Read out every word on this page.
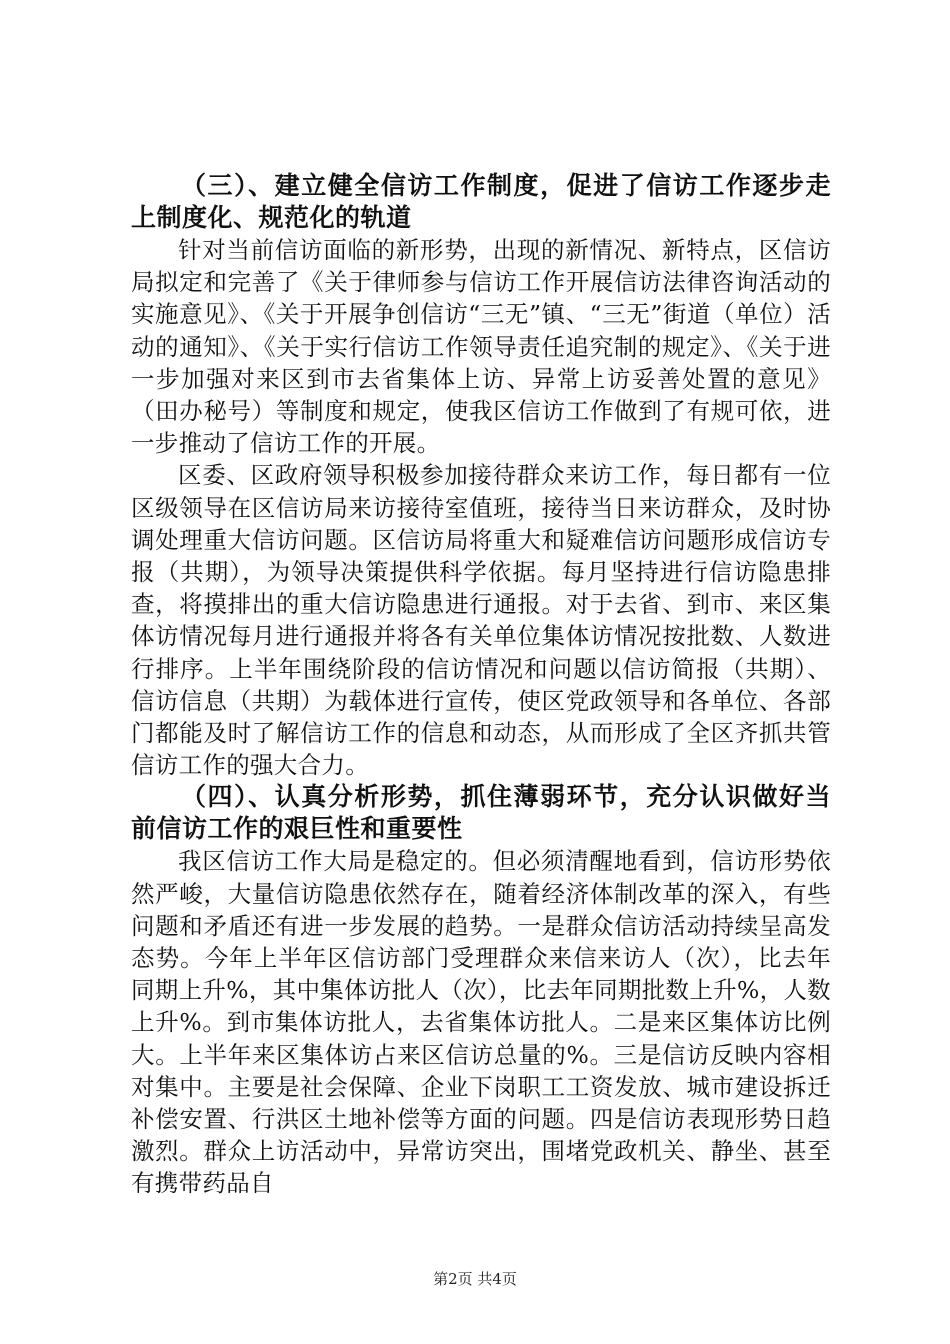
（三）、建立健全信访工作制度，促进了信访工作逐步走上制度化、规范化的轨道

针对当前信访面临的新形势，出现的新情况、新特点，区信访局拟定和完善了《关于律师参与信访工作开展信访法律咨询活动的实施意见》、《关于开展争创信访“三无”镇、“三无”街道（单位）活动的通知》、《关于实行信访工作领导责任追究制的规定》、《关于进一步加强对来区到市去省集体上访、异常上访妥善处置的意见》（田办秘号）等制度和规定，使我区信访工作做到了有规可依，进一步推动了信访工作的开展。

区委、区政府领导积极参加接待群众来访工作，每日都有一位区级领导在区信访局来访接待室值班，接待当日来访群众，及时协调处理重大信访问题。区信访局将重大和疑难信访问题形成信访专报（共期），为领导决策提供科学依据。每月坚持进行信访隐患排查，将摸排出的重大信访隐患进行通报。对于去省、到市、来区集体访情况每月进行通报并将各有关单位集体访情况按批数、人数进行排序。上半年围绕阶段的信访情况和问题以信访简报（共期）、信访信息（共期）为载体进行宣传，使区党政领导和各单位、各部门都能及时了解信访工作的信息和动态，从而形成了全区齐抓共管信访工作的强大合力。

（四）、认真分析形势，抓住薄弱环节，充分认识做好当前信访工作的艰巨性和重要性

我区信访工作大局是稳定的。但必须清醒地看到，信访形势依然严峻，大量信访隐患依然存在，随着经济体制改革的深入，有些问题和矛盾还有进一步发展的趋势。一是群众信访活动持续呈高发态势。今年上半年区信访部门受理群众来信来访人（次），比去年同期上升%，其中集体访批人（次），比去年同期批数上升%，人数上升%。到市集体访批人，去省集体访批人。二是来区集体访比例大。上半年来区集体访占来区信访总量的%。三是信访反映内容相对集中。主要是社会保障、企业下岗职工工资发放、城市建设拆迁补偿安置、行洪区土地补偿等方面的问题。四是信访表现形势日趋激烈。群众上访活动中，异常访突出，围堵党政机关、静坐、甚至有携带药品自

第2页 共4页
